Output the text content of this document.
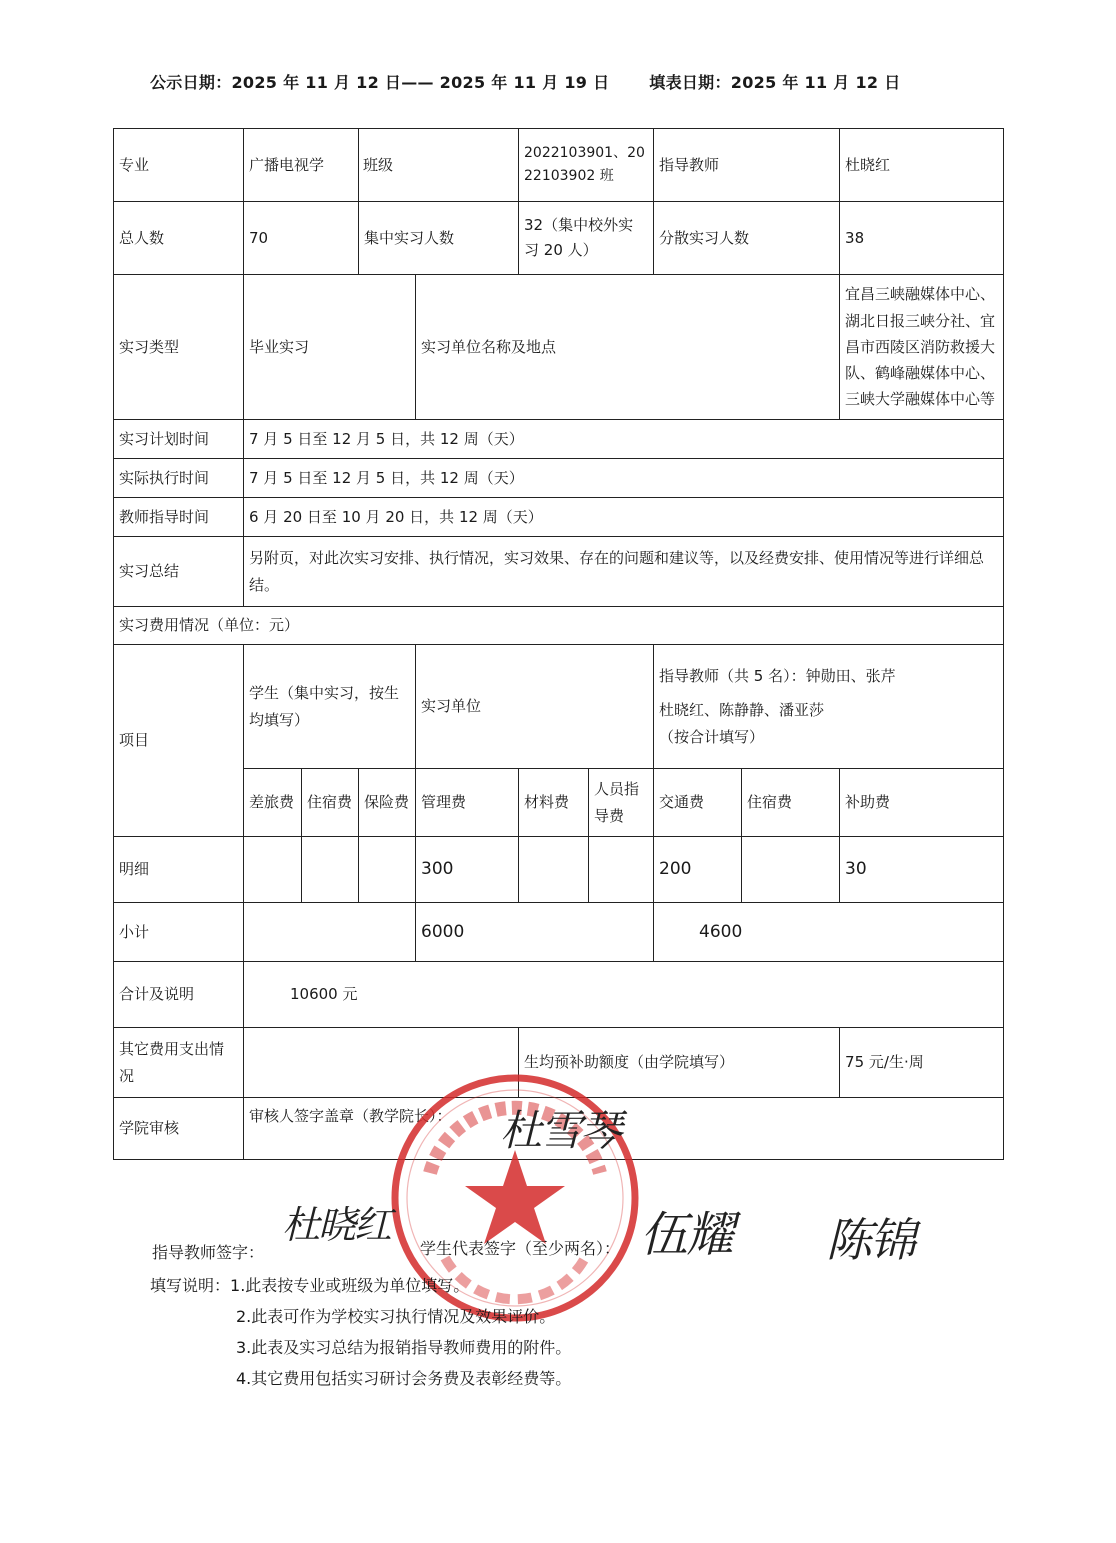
公示日期：2025 年 11 月 12 日—— 2025 年 11 月 19 日 填表日期：2025 年 11 月 12 日
专业	广播电视学		班级		2022103901、2022103902 班		指导教师		杜晓红
总人数	70		集中实习人数		32（集中校外实习 20 人）		分散实习人数		38
实习类型	毕业实习			实习单位名称及地点					宜昌三峡融媒体中心、湖北日报三峡分社、宜昌市西陵区消防救援大队、鹤峰融媒体中心、三峡大学融媒体中心等
实习计划时间	7 月 5 日至 12 月 5 日，共 12 周（天）								
实际执行时间	7 月 5 日至 12 月 5 日，共 12 周（天）								
教师指导时间	6 月 20 日至 10 月 20 日，共 12 周（天）								
实习总结	另附页，对此次实习安排、执行情况，实习效果、存在的问题和建议等，以及经费安排、使用情况等进行详细总结。								
实习费用情况（单位：元）									
项目	学生（集中实习，按生均填写）			实习单位			指导教师（共 5 名）：钟勋田、张芹
杜晓红、陈静静、潘亚莎
（按合计填写）		

	差旅费	住宿费	保险费	管理费	材料费	人员指导费	交通费	住宿费	补助费
明细				300			200		30
小计				6000			4600		
合计及说明	10600 元								
其它费用支出情况					生均预补助额度（由学院填写）				75 元/生·周
学院审核	审核人签字盖章（教学院长）：								杜雪琴
杜晓红	伍耀 陈锦
指导教师签字：	学生代表签字（至少两名）：
填写说明：1.此表按专业或班级为单位填写。
2.此表可作为学校实习执行情况及效果评价。
3.此表及实习总结为报销指导教师费用的附件。
4.其它费用包括实习研讨会务费及表彰经费等。
